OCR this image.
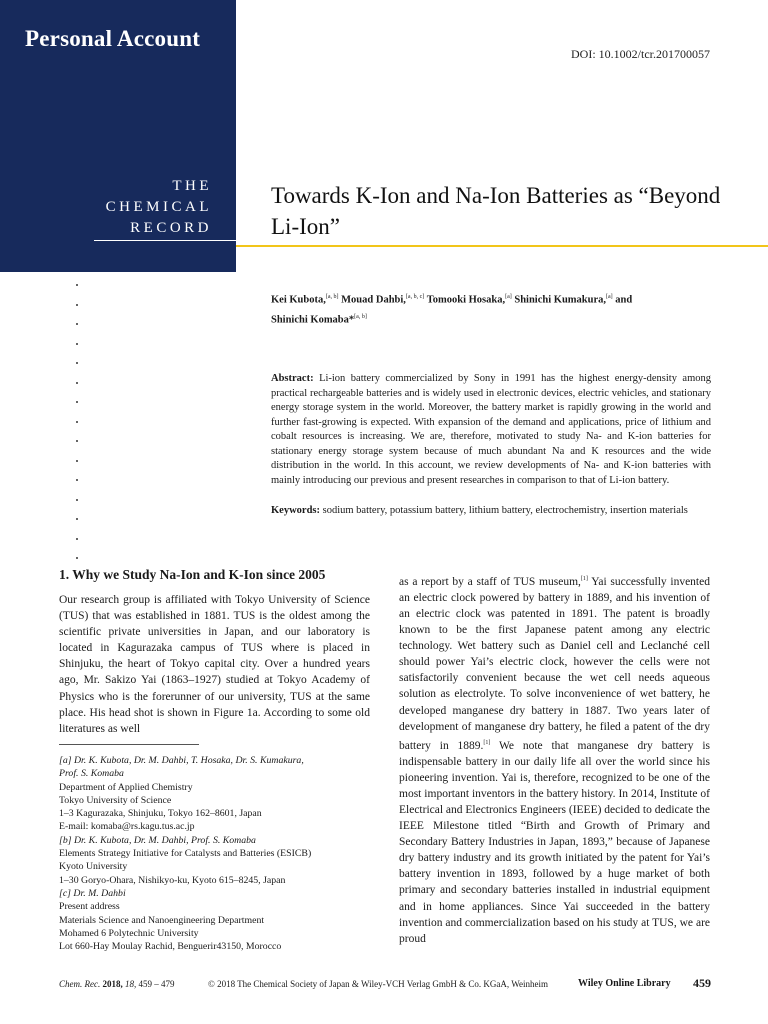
Personal Account
THE
CHEMICAL
RECORD
DOI: 10.1002/tcr.201700057
Towards K-Ion and Na-Ion Batteries as “Beyond Li-Ion”
Kei Kubota,[a, b] Mouad Dahbi,[a, b, c] Tomooki Hosaka,[a] Shinichi Kumakura,[a] and
Shinichi Komaba*[a, b]
Abstract: Li-ion battery commercialized by Sony in 1991 has the highest energy-density among practical rechargeable batteries and is widely used in electronic devices, electric vehicles, and stationary energy storage system in the world. Moreover, the battery market is rapidly growing in the world and further fast-growing is expected. With expansion of the demand and applications, price of lithium and cobalt resources is increasing. We are, therefore, motivated to study Na- and K-ion batteries for stationary energy storage system because of much abundant Na and K resources and the wide distribution in the world. In this account, we review developments of Na- and K-ion batteries with mainly introducing our previous and present researches in comparison to that of Li-ion battery.
Keywords: sodium battery, potassium battery, lithium battery, electrochemistry, insertion materials
1. Why we Study Na-Ion and K-Ion since 2005

Our research group is affiliated with Tokyo University of Science (TUS) that was established in 1881. TUS is the oldest among the scientific private universities in Japan, and our laboratory is located in Kagurazaka campus of TUS where is placed in Shinjuku, the heart of Tokyo capital city. Over a hundred years ago, Mr. Sakizo Yai (1863–1927) studied at Tokyo Academy of Physics who is the forerunner of our university, TUS at the same place. His head shot is shown in Figure 1a. According to some old literatures as well

as a report by a staff of TUS museum,[1] Yai successfully invented an electric clock powered by battery in 1889, and his invention of an electric clock was patented in 1891. The patent is broadly known to be the first Japanese patent among any electric technology. Wet battery such as Daniel cell and Leclanché cell should power Yai’s electric clock, however the cells were not satisfactorily convenient because the wet cell needs aqueous solution as electrolyte. To solve inconvenience of wet battery, he developed manganese dry battery in 1887. Two years later of development of manganese dry battery, he filed a patent of the dry battery in 1889.[1] We note that manganese dry battery is indispensable battery in our daily life all over the world since his pioneering invention. Yai is, therefore, recognized to be one of the most important inventors in the battery history. In 2014, Institute of Electrical and Electronics Engineers (IEEE) decided to dedicate the IEEE Milestone titled “Birth and Growth of Primary and Secondary Battery Industries in Japan, 1893,” because of Japanese dry battery industry and its growth initiated by the patent for Yai’s battery invention in 1893, followed by a huge market of both primary and secondary batteries installed in industrial equipment and in home appliances. Since Yai succeeded in the battery invention and commercialization based on his study at TUS, we are proud

[a] Dr. K. Kubota, Dr. M. Dahbi, T. Hosaka, Dr. S. Kumakura,
Prof. S. Komaba
Department of Applied Chemistry
Tokyo University of Science
1–3 Kagurazaka, Shinjuku, Tokyo 162–8601, Japan
E-mail: komaba@rs.kagu.tus.ac.jp
[b] Dr. K. Kubota, Dr. M. Dahbi, Prof. S. Komaba
Elements Strategy Initiative for Catalysts and Batteries (ESICB)
Kyoto University
1–30 Goryo-Ohara, Nishikyo-ku, Kyoto 615–8245, Japan
[c] Dr. M. Dahbi
Present address
Materials Science and Nanoengineering Department
Mohamed 6 Polytechnic University
Lot 660-Hay Moulay Rachid, Benguerir43150, Morocco
Chem. Rec. 2018, 18, 459 – 479	© 2018 The Chemical Society of Japan & Wiley-VCH Verlag GmbH & Co. KGaA, Weinheim	Wiley Online Library 459
